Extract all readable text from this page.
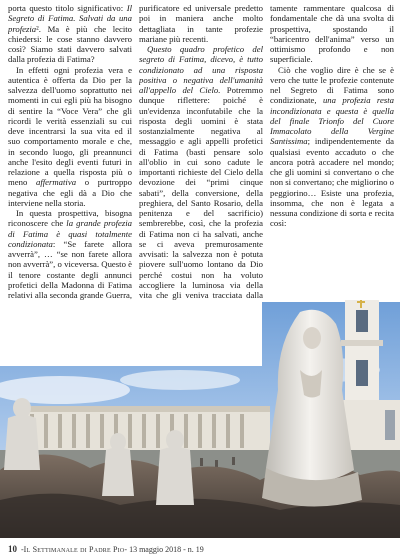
porta questo titolo significativo: Il Segreto di Fatima. Salvati da una profezia². Ma è più che lecito chiedersi: le cose stanno davvero così? Siamo stati davvero salvati dalla profezia di Fatima?

In effetti ogni profezia vera e autentica è offerta da Dio per la salvezza dell'uomo soprattutto nei momenti in cui egli più ha bisogno di sentire la “Voce Vera” che gli ricordi le verità essenziali su cui deve incentrarsi la sua vita ed il suo comportamento morale e che, in secondo luogo, gli preannunci anche l'esito degli eventi futuri in relazione a quella risposta più o meno affermativa o purtroppo negativa che egli dà a Dio che interviene nella storia.

In questa prospettiva, bisogna riconoscere che la grande profezia di Fatima è quasi totalmente condizionata: “Se farete allora avverrà”, … “se non farete allora non avverrà”, o viceversa. Questo è il tenore costante degli annunci profetici della Madonna di Fatima relativi alla seconda grande Guerra,

purificatore ed universale predetto poi in maniera anche molto dettagliata in tante profezie mariane più recenti.

Questo quadro profetico del segreto di Fatima, dicevo, è tutto condizionato ad una risposta positiva o negativa dell'umanità all'appello del Cielo. Potremmo dunque riflettere: poiché è un'evidenza inconfutabile che la risposta degli uomini è stata sostanzialmente negativa al messaggio e agli appelli profetici di Fatima (basti pensare solo all'oblio in cui sono cadute le importanti richieste del Cielo della devozione dei “primi cinque sabati”, della conversione, della preghiera, del Santo Rosario, della penitenza e del sacrificio) sembrerebbe, così, che la profezia di Fatima non ci ha salvati, anche se ci aveva premurosamente avvisati: la salvezza non è potuta piovere sull'uomo lontano da Dio perché costui non ha voluto accogliere la luminosa via della vita che gli veniva tracciata dalla

tamente rammentare qualcosa di fondamentale che dà una svolta di prospettiva, spostando il “baricentro dell'anima” verso un ottimismo profondo e non superficiale.

Ciò che voglio dire è che se è vero che tutte le profezie contenute nel Segreto di Fatima sono condizionate, una profezia resta incondizionata e questa è quella del finale Trionfo del Cuore Immacolato della Vergine Santissima; indipendentemente da qualsiasi evento accaduto o che ancora potrà accadere nel mondo; che gli uomini si convertano o che non si convertano; che migliorino o peggiorino… Esiste una profezia, insomma, che non è legata a nessuna condizione di sorta e recita così:

10 - Il Settimanale di Padre Pio - 13 maggio 2018 - n. 19
